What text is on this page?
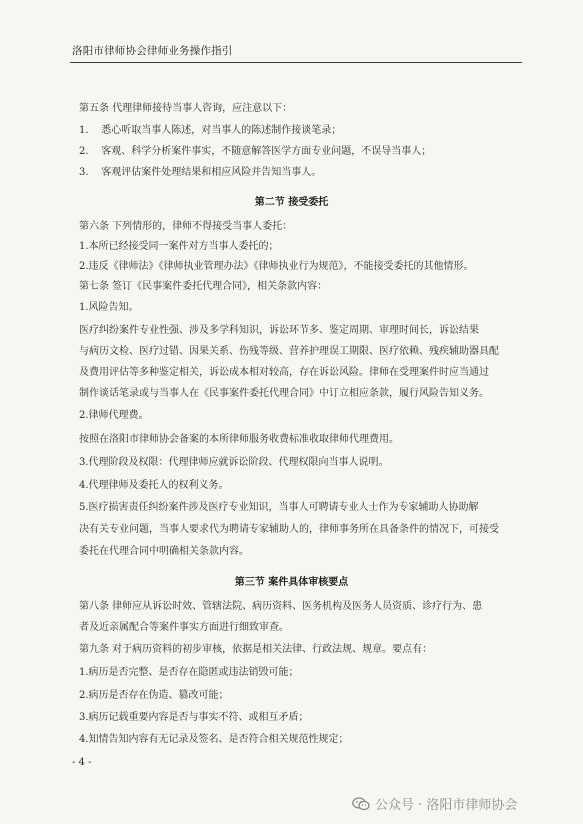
洛阳市律师协会律师业务操作指引
第五条 代理律师接待当事人咨询，应注意以下：
1.    悉心听取当事人陈述，对当事人的陈述制作接谈笔录；
2.    客观、科学分析案件事实，不随意解答医学方面专业问题，不误导当事人；
3.    客观评估案件处理结果和相应风险并告知当事人。
第二节 接受委托
第六条 下列情形的，律师不得接受当事人委托：
1.本所已经接受同一案件对方当事人委托的；
2.违反《律师法》《律师执业管理办法》《律师执业行为规范》，不能接受委托的其他情形。
第七条 签订《民事案件委托代理合同》，相关条款内容：
1.风险告知。
医疗纠纷案件专业性强、涉及多学科知识，诉讼环节多、鉴定周期、审理时间长，诉讼结果
与病历文检、医疗过错、因果关系、伤残等级、营养护理误工期限、医疗依赖、残疾辅助器具配
及费用评估等多种鉴定相关，诉讼成本相对较高，存在诉讼风险。律师在受理案件时应当通过
制作谈话笔录或与当事人在《民事案件委托代理合同》中订立相应条款，履行风险告知义务。
2.律师代理费。
按照在洛阳市律师协会备案的本所律师服务收费标准收取律师代理费用。
3.代理阶段及权限：代理律师应就诉讼阶段、代理权限向当事人说明。
4.代理律师及委托人的权利义务。
5.医疗损害责任纠纷案件涉及医疗专业知识，当事人可聘请专业人士作为专家辅助人协助解
决有关专业问题，当事人要求代为聘请专家辅助人的，律师事务所在具备条件的情况下，可接受
委托在代理合同中明确相关条款内容。
第三节 案件具体审核要点
第八条 律师应从诉讼时效、管辖法院、病历资料、医务机构及医务人员资质、诊疗行为、患
者及近亲属配合等案件事实方面进行细致审查。
第九条 对于病历资料的初步审核，依据是相关法律、行政法规、规章。要点有：
1.病历是否完整、是否存在隐匿或违法销毁可能；
2.病历是否存在伪造、篡改可能；
3.病历记载重要内容是否与事实不符、或相互矛盾；
4.知情告知内容有无记录及签名、是否符合相关规范性规定；
- 4 -
公众号 · 洛阳市律师协会
